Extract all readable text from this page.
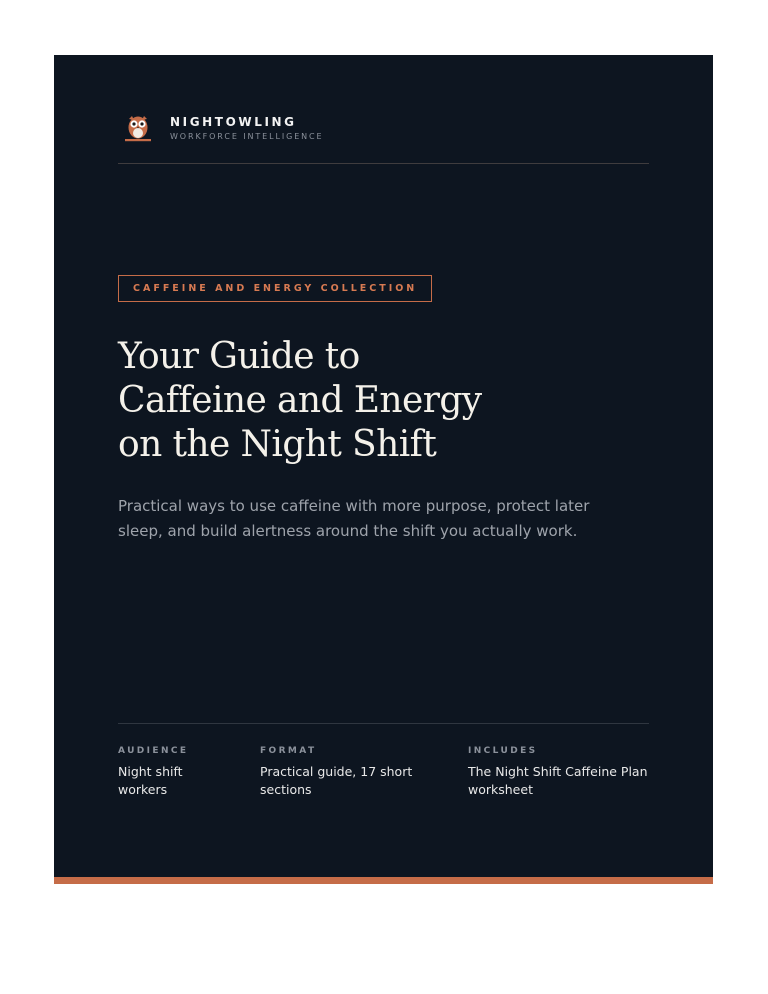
NIGHTOWLING
WORKFORCE INTELLIGENCE
CAFFEINE AND ENERGY COLLECTION
Your Guide to
Caffeine and Energy
on the Night Shift

Practical ways to use caffeine with more purpose, protect later
sleep, and build alertness around the shift you actually work.

AUDIENCE
Night shift
workers
FORMAT
Practical guide, 17 short
sections
INCLUDES
The Night Shift Caffeine Plan
worksheet
